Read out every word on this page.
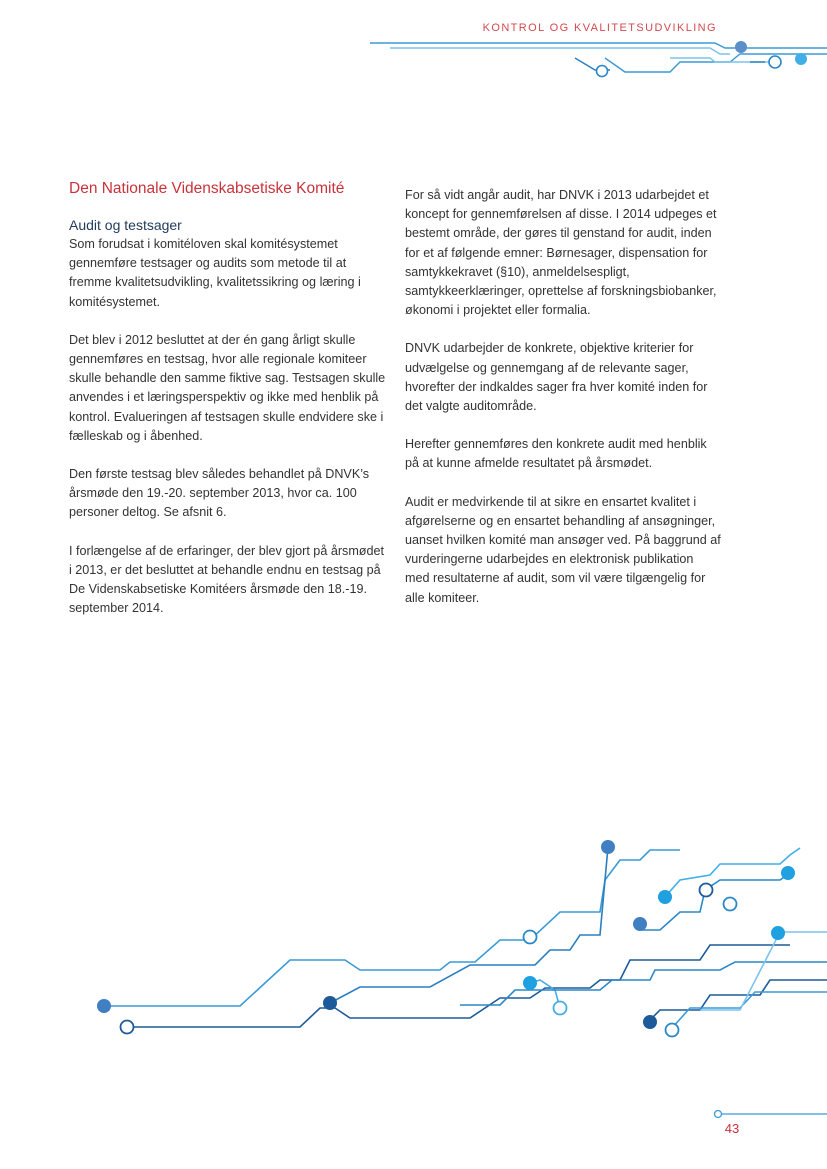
KONTROL OG KVALITETSUDVIKLING
Den Nationale Videnskabsetiske Komité
Audit og testsager

Som forudsat i komitéloven skal komitésystemet gennemføre testsager og audits som metode til at fremme kvalitetsudvikling, kvalitetssikring og læring i komitésystemet.

Det blev i 2012 besluttet at der én gang årligt skulle gennemføres en testsag, hvor alle regionale komiteer skulle behandle den samme fiktive sag. Testsagen skulle anvendes i et læringsperspektiv og ikke med henblik på kontrol. Evalueringen af testsagen skulle endvidere ske i fælleskab og i åbenhed.

Den første testsag blev således behandlet på DNVK’s årsmøde den 19.-20. september 2013, hvor ca. 100 personer deltog. Se afsnit 6.

I forlængelse af de erfaringer, der blev gjort på årsmødet i 2013, er det besluttet at behandle endnu en testsag på De Videnskabsetiske Komitéers årsmøde den 18.-19. september 2014.

For så vidt angår audit, har DNVK i 2013 udarbejdet et koncept for gennemførelsen af disse. I 2014 udpeges et bestemt område, der gøres til genstand for audit, inden for et af følgende emner: Børnesager, dispensation for samtykkekravet (§10), anmeldelsespligt, samtykkeerklæringer, oprettelse af forskningsbiobanker, økonomi i projektet eller formalia.

DNVK udarbejder de konkrete, objektive kriterier for udvælgelse og gennemgang af de relevante sager, hvorefter der indkaldes sager fra hver komité inden for det valgte auditområde.

Herefter gennemføres den konkrete audit med henblik på at kunne afmelde resultatet på årsmødet.

Audit er medvirkende til at sikre en ensartet kvalitet i afgørelserne og en ensartet behandling af ansøgninger, uanset hvilken komité man ansøger ved. På baggrund af vurderingerne udarbejdes en elektronisk publikation med resultaterne af audit, som vil være tilgængelig for alle komiteer.

43
